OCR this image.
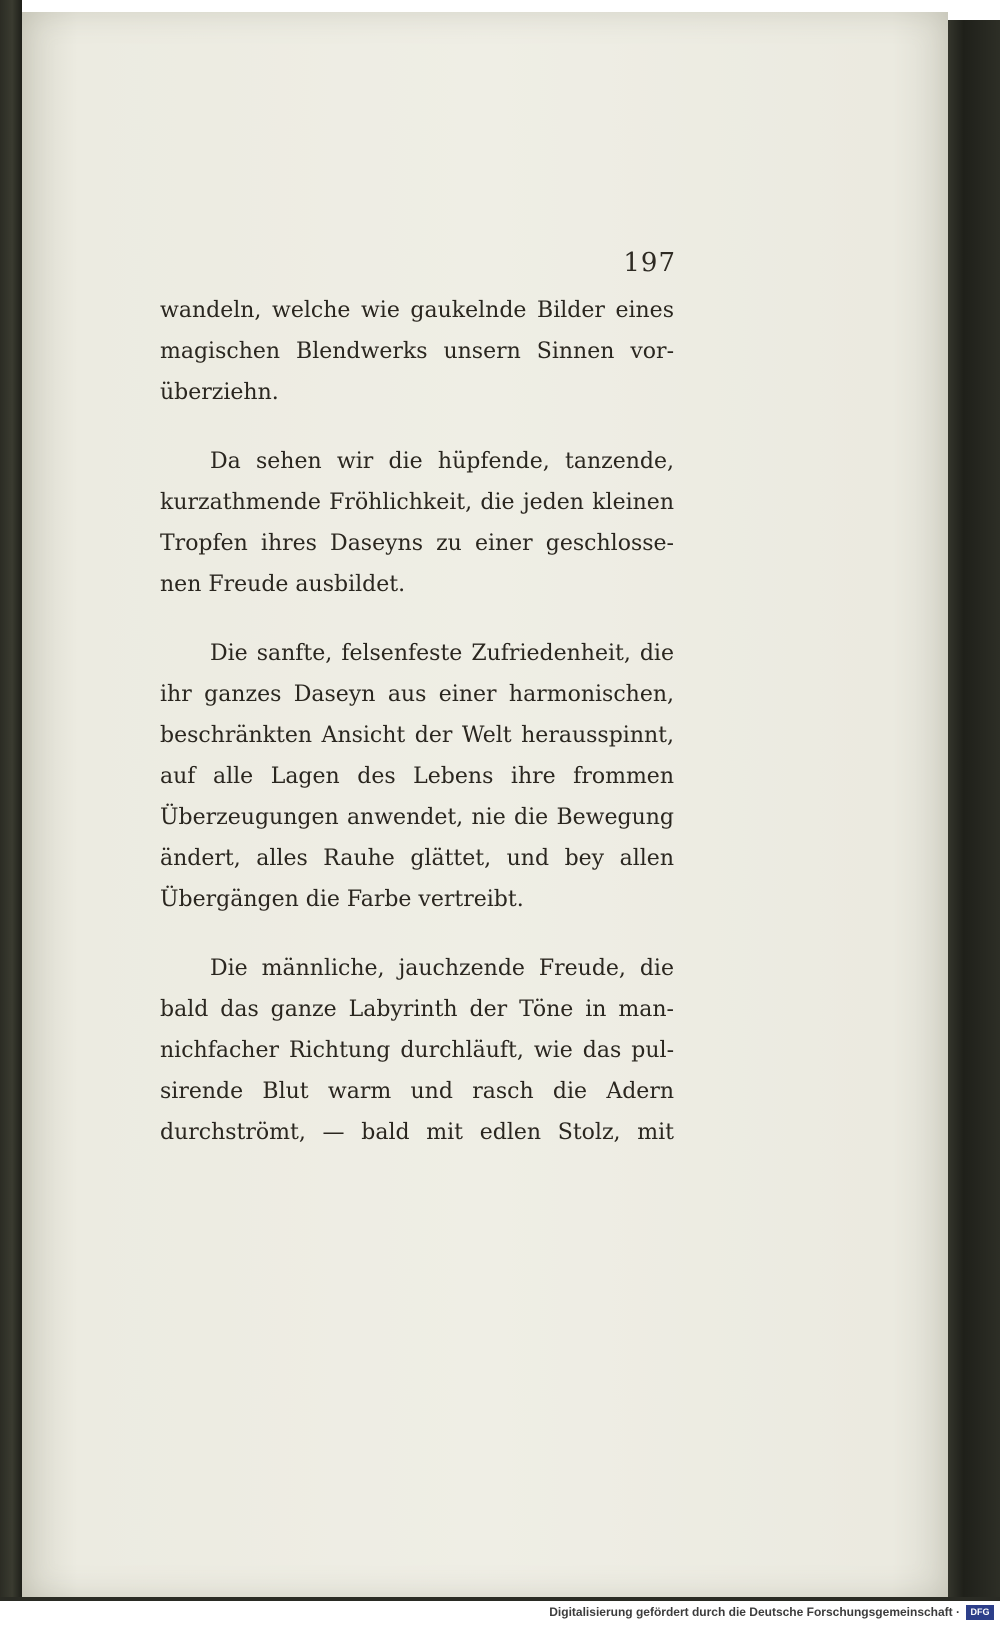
197
wandeln, welche wie gaukelnde Bilder eines
magischen Blendwerks unsern Sinnen vor-
überziehn.
Da sehen wir die hüpfende, tanzende,
kurzathmende Fröhlichkeit, die jeden kleinen
Tropfen ihres Daseyns zu einer geschlosse-
nen Freude ausbildet.
Die sanfte, felsenfeste Zufriedenheit, die
ihr ganzes Daseyn aus einer harmonischen,
beschränkten Ansicht der Welt herausspinnt,
auf alle Lagen des Lebens ihre frommen
Überzeugungen anwendet, nie die Bewegung
ändert, alles Rauhe glättet, und bey allen
Übergängen die Farbe vertreibt.
Die männliche, jauchzende Freude, die
bald das ganze Labyrinth der Töne in man-
nichfacher Richtung durchläuft, wie das pul-
sirende Blut warm und rasch die Adern
durchströmt, — bald mit edlen Stolz, mit
Digitalisierung gefördert durch die Deutsche Forschungsgemeinschaft ·	DFG
